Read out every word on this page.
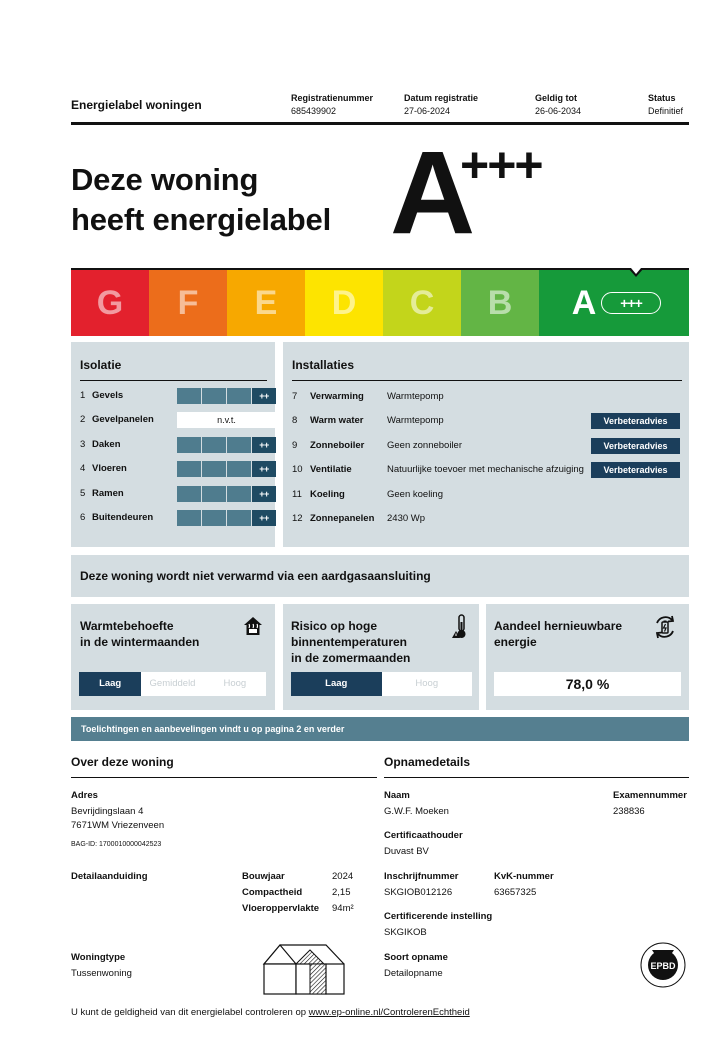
Energielabel woningen	Registratienummer
685439902
Datum registratie
27-06-2024
Geldig tot
26-06-2034
Status
Definitief
Deze woning
heeft energielabel A
+++
G F E D C B A	+++
Isolatie
1 Gevels	++
2 Gevelpanelen	n.v.t.
3 Daken	++
4 Vloeren	++
5 Ramen	++
6 Buitendeuren	++
Installaties
7 Verwarming Warmtepomp
8 Warm water Warmtepomp	Verbeteradvies
9 Zonneboiler Geen zonneboiler	Verbeteradvies
10 Ventilatie	Natuurlijke toevoer met mechanische afzuiging	Verbeteradvies
11 Koeling	Geen koeling
12 Zonnepanelen 2430 Wp
Deze woning wordt niet verwarmd via een aardgasaansluiting
Warmtebehoefte
in de wintermaanden
Laag	Gemiddeld	Hoog
Risico op hoge
binnentemperaturen
in de zomermaanden
Laag	Hoog
Aandeel hernieuwbare
energie
78,0 %
Toelichtingen en aanbevelingen vindt u op pagina 2 en verder
Over deze woning
Adres
Bevrijdingslaan 4
7671WM Vriezenveen
BAG-ID: 1700010000042523
Detailaanduiding	Bouwjaar	2024
Compactheid	2,15
Vloeroppervlakte 94m²
Woningtype
Tussenwoning
Opnamedetails
Naam
G.W.F. Moeken
Examennummer
238836
Certificaathouder
Duvast BV
Inschrijfnummer
SKGIOB012126
KvK-nummer
63657325
Certificerende instelling
SKGIKOB
Soort opname
Detailopname
EPBD
U kunt de geldigheid van dit energielabel controleren op www.ep-online.nl/ControlerenEchtheid
